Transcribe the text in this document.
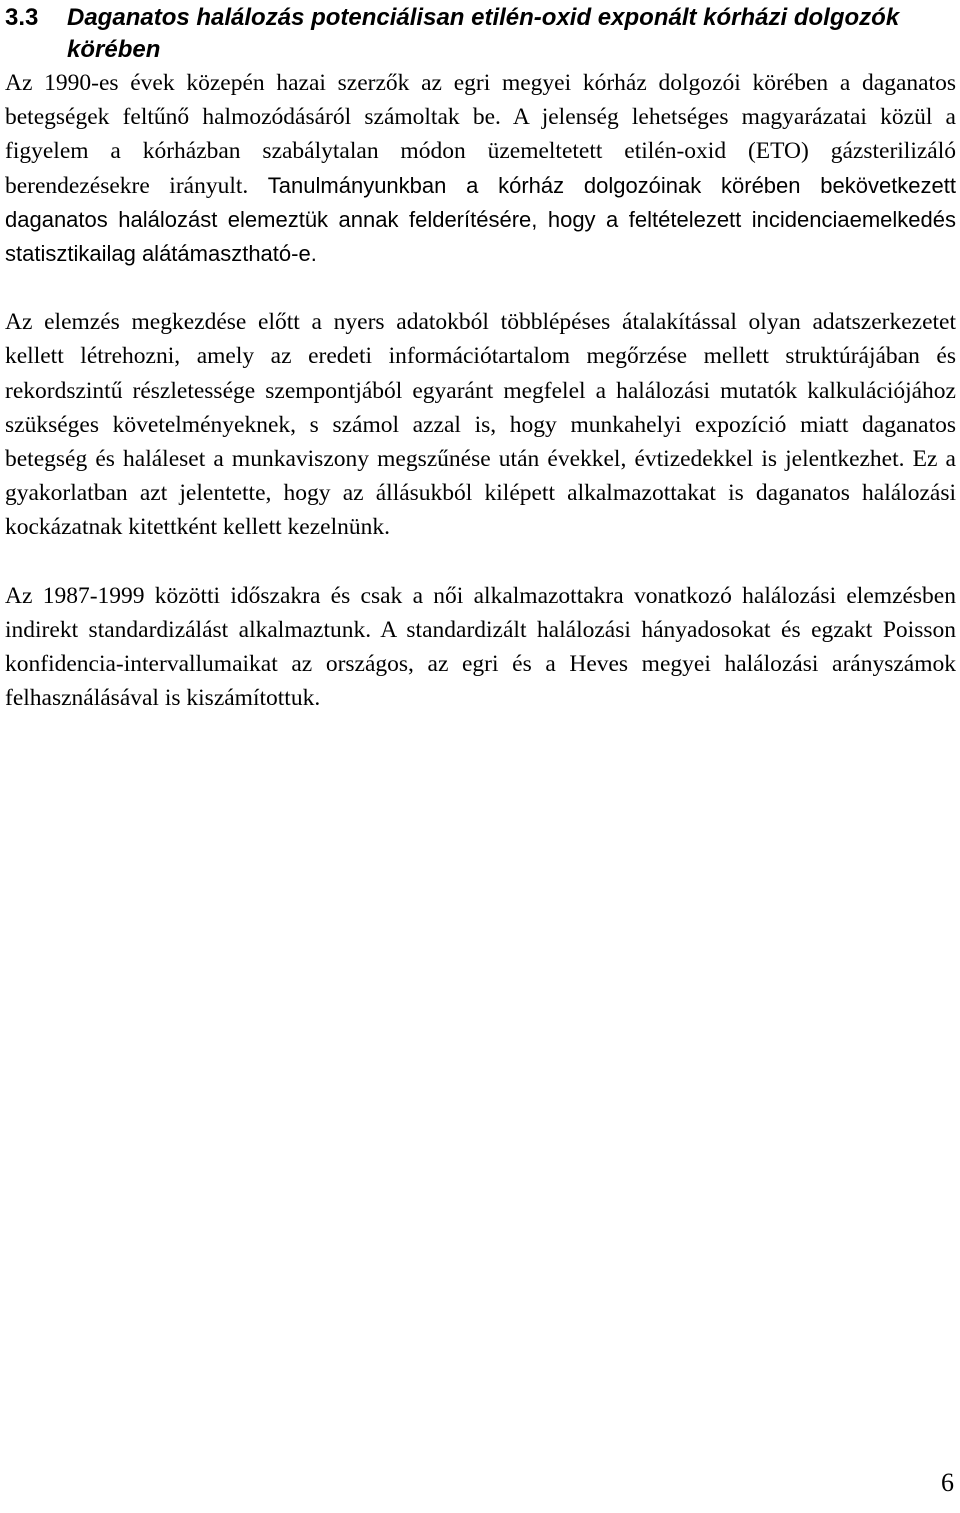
3.3	Daganatos halálozás potenciálisan etilén-oxid exponált kórházi dolgozók körében

Az 1990-es évek közepén hazai szerzők az egri megyei kórház dolgozói körében a daganatos betegségek feltűnő halmozódásáról számoltak be. A jelenség lehetséges magyarázatai közül a figyelem a kórházban szabálytalan módon üzemeltetett etilén-oxid (ETO) gázsterilizáló berendezésekre irányult. Tanulmányunkban a kórház dolgozóinak körében bekövetkezett daganatos halálozást elemeztük annak felderítésére, hogy a feltételezett incidenciaemelkedés statisztikailag alátámasztható-e.

Az elemzés megkezdése előtt a nyers adatokból többlépéses átalakítással olyan adatszerkezetet kellett létrehozni, amely az eredeti információtartalom megőrzése mellett struktúrájában és rekordszintű részletessége szempontjából egyaránt megfelel a halálozási mutatók kalkulációjához szükséges követelményeknek, s számol azzal is, hogy munkahelyi expozíció miatt daganatos betegség és haláleset a munkaviszony megszűnése után évekkel, évtizedekkel is jelentkezhet. Ez a gyakorlatban azt jelentette, hogy az állásukból kilépett alkalmazottakat is daganatos halálozási kockázatnak kitettként kellett kezelnünk.

Az 1987-1999 közötti időszakra és csak a női alkalmazottakra vonatkozó halálozási elemzésben indirekt standardizálást alkalmaztunk. A standardizált halálozási hányadosokat és egzakt Poisson konfidencia-intervallumaikat az országos, az egri és a Heves megyei halálozási arányszámok felhasználásával is kiszámítottuk.

6
